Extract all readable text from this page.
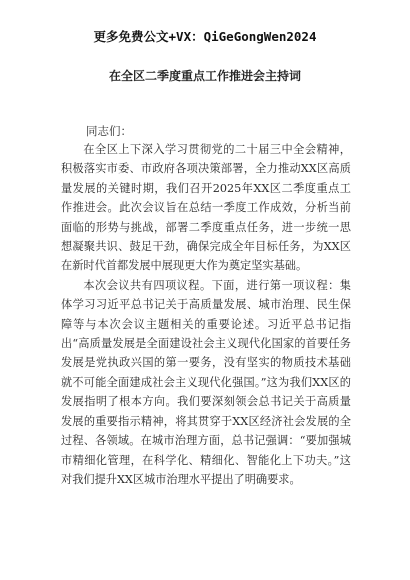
更多免费公文+VX：QiGeGongWen2024
在全区二季度重点工作推进会主持词
同志们：

在全区上下深入学习贯彻党的二十届三中全会精神，积极落实市委、市政府各项决策部署，全力推动XX区高质量发展的关键时期，我们召开2025年XX区二季度重点工作推进会。此次会议旨在总结一季度工作成效，分析当前面临的形势与挑战，部署二季度重点任务，进一步统一思想凝聚共识、鼓足干劲，确保完成全年目标任务，为XX区在新时代首都发展中展现更大作为奠定坚实基础。

本次会议共有四项议程。下面，进行第一项议程：集体学习习近平总书记关于高质量发展、城市治理、民生保障等与本次会议主题相关的重要论述。习近平总书记指出“高质量发展是全面建设社会主义现代化国家的首要任务发展是党执政兴国的第一要务，没有坚实的物质技术基础就不可能全面建成社会主义现代化强国。”这为我们XX区的发展指明了根本方向。我们要深刻领会总书记关于高质量发展的重要指示精神，将其贯穿于XX区经济社会发展的全过程、各领域。在城市治理方面，总书记强调：“要加强城市精细化管理，在科学化、精细化、智能化上下功夫。”这对我们提升XX区城市治理水平提出了明确要求。
